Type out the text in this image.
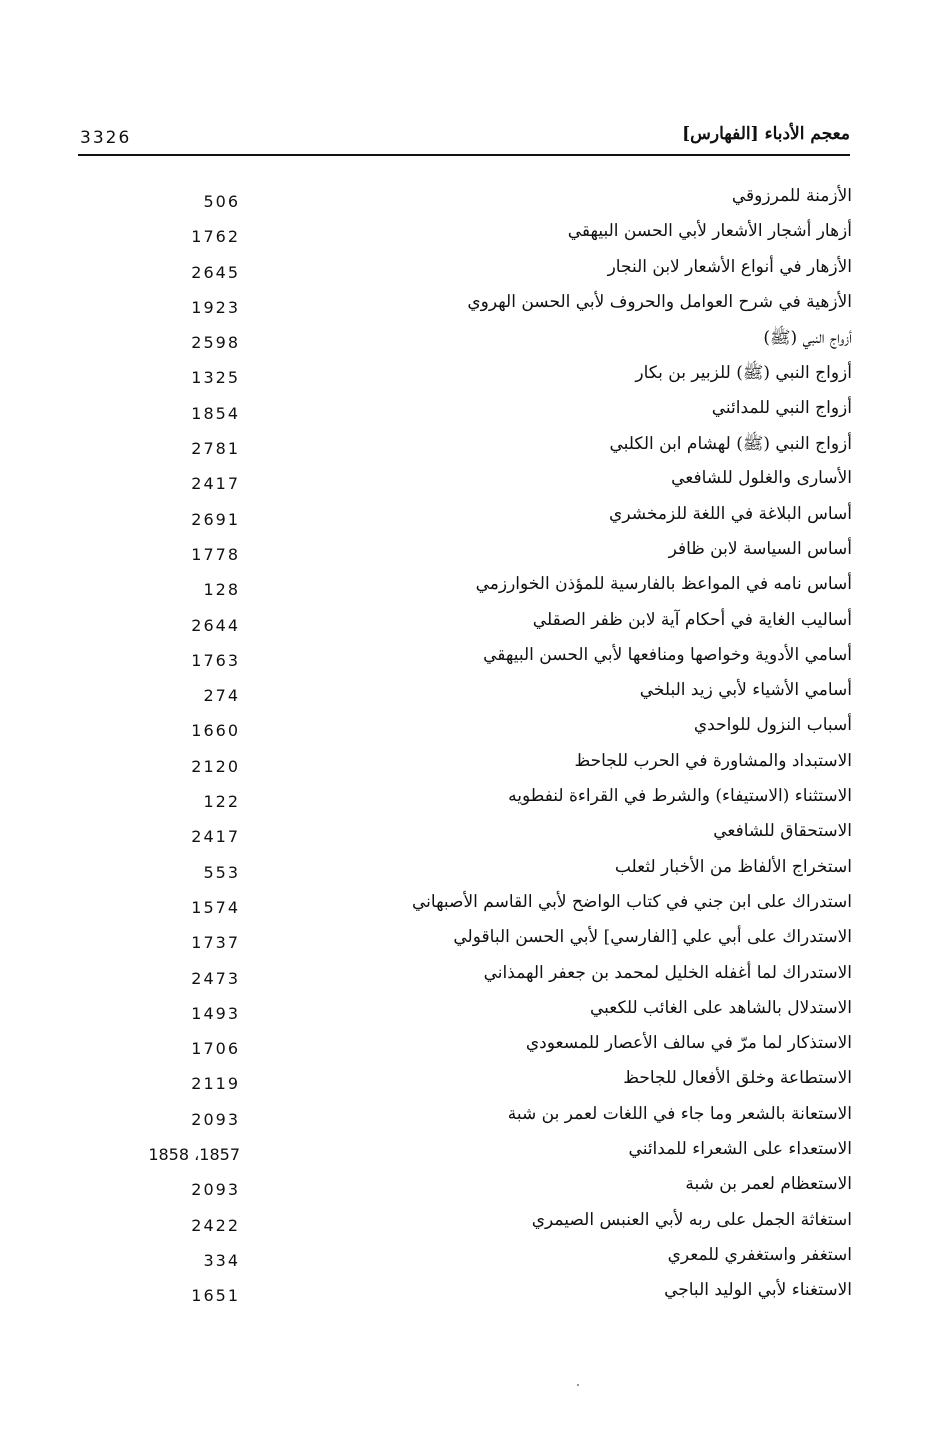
3326	معجم الأدباء [الفهارس]
الأزمنة للمرزوقي
506
أزهار أشجار الأشعار لأبي الحسن البيهقي
1762
الأزهار في أنواع الأشعار لابن النجار
2645
الأزهية في شرح العوامل والحروف لأبي الحسن الهروي
1923
أزواج النبي (ﷺ)
2598
أزواج النبي (ﷺ) للزبير بن بكار
1325
أزواج النبي للمدائني
1854
أزواج النبي (ﷺ) لهشام ابن الكلبي
2781
الأسارى والغلول للشافعي
2417
أساس البلاغة في اللغة للزمخشري
2691
أساس السياسة لابن ظافر
1778
أساس نامه في المواعظ بالفارسية للمؤذن الخوارزمي
128
أساليب الغاية في أحكام آية لابن ظفر الصقلي
2644
أسامي الأدوية وخواصها ومنافعها لأبي الحسن البيهقي
1763
أسامي الأشياء لأبي زيد البلخي
274
أسباب النزول للواحدي
1660
الاستبداد والمشاورة في الحرب للجاحظ
2120
الاستثناء (الاستيفاء) والشرط في القراءة لنفطويه
122
الاستحقاق للشافعي
2417
استخراج الألفاظ من الأخبار لثعلب
553
استدراك على ابن جني في كتاب الواضح لأبي القاسم الأصبهاني
1574
الاستدراك على أبي علي [الفارسي] لأبي الحسن الباقولي
1737
الاستدراك لما أغفله الخليل لمحمد بن جعفر الهمذاني
2473
الاستدلال بالشاهد على الغائب للكعبي
1493
الاستذكار لما مرّ في سالف الأعصار للمسعودي
1706
الاستطاعة وخلق الأفعال للجاحظ
2119
الاستعانة بالشعر وما جاء في اللغات لعمر بن شبة
2093
الاستعداء على الشعراء للمدائني
1857، 1858
الاستعظام لعمر بن شبة
2093
استغاثة الجمل على ربه لأبي العنبس الصيمري
2422
استغفر واستغفري للمعري
334
الاستغناء لأبي الوليد الباجي
1651
